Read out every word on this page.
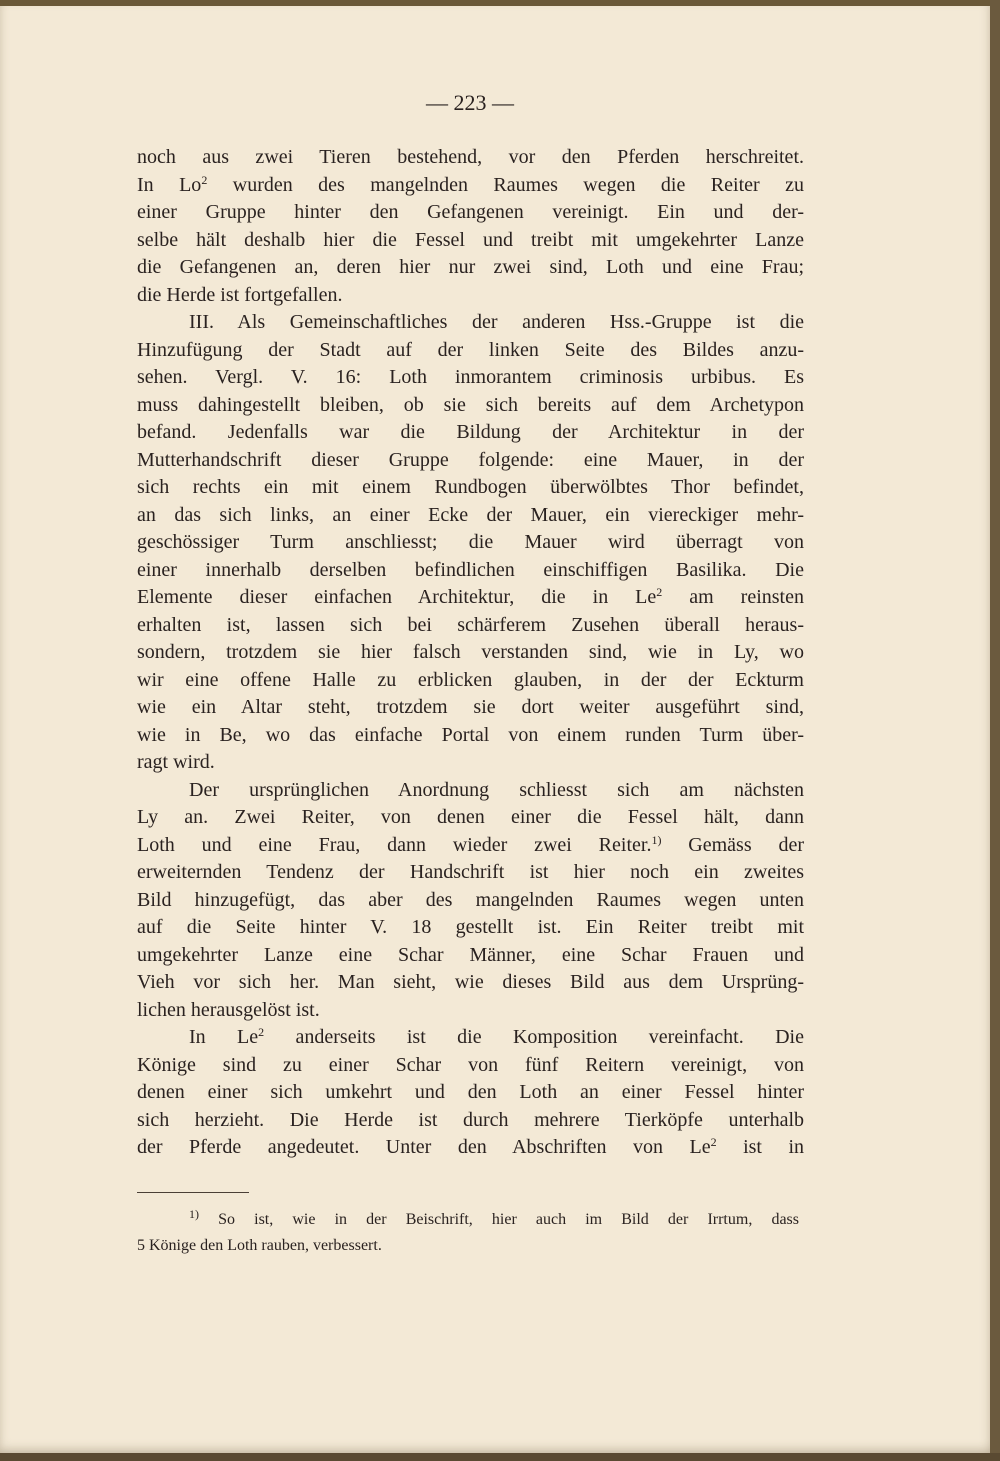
— 223 —
noch aus zwei Tieren bestehend, vor den Pferden herschreitet.
In Lo$^2$ wurden des mangelnden Raumes wegen die Reiter zu
einer Gruppe hinter den Gefangenen vereinigt. Ein und der-
selbe hält deshalb hier die Fessel und treibt mit umgekehrter Lanze
die Gefangenen an, deren hier nur zwei sind, Loth und eine Frau;
die Herde ist fortgefallen.
III. Als Gemeinschaftliches der anderen Hss.-Gruppe ist die
Hinzufügung der Stadt auf der linken Seite des Bildes anzu-
sehen. Vergl. V. 16: Loth inmorantem criminosis urbibus. Es
muss dahingestellt bleiben, ob sie sich bereits auf dem Archetypon
befand. Jedenfalls war die Bildung der Architektur in der
Mutterhandschrift dieser Gruppe folgende: eine Mauer, in der
sich rechts ein mit einem Rundbogen überwölbtes Thor befindet,
an das sich links, an einer Ecke der Mauer, ein viereckiger mehr-
geschössiger Turm anschliesst; die Mauer wird überragt von
einer innerhalb derselben befindlichen einschiffigen Basilika. Die
Elemente dieser einfachen Architektur, die in Le$^2$ am reinsten
erhalten ist, lassen sich bei schärferem Zusehen überall heraus-
sondern, trotzdem sie hier falsch verstanden sind, wie in Ly, wo
wir eine offene Halle zu erblicken glauben, in der der Eckturm
wie ein Altar steht, trotzdem sie dort weiter ausgeführt sind,
wie in Be, wo das einfache Portal von einem runden Turm über-
ragt wird.
Der ursprünglichen Anordnung schliesst sich am nächsten
Ly an. Zwei Reiter, von denen einer die Fessel hält, dann
Loth und eine Frau, dann wieder zwei Reiter.$^{1)}$ Gemäss der
erweiternden Tendenz der Handschrift ist hier noch ein zweites
Bild hinzugefügt, das aber des mangelnden Raumes wegen unten
auf die Seite hinter V. 18 gestellt ist. Ein Reiter treibt mit
umgekehrter Lanze eine Schar Männer, eine Schar Frauen und
Vieh vor sich her. Man sieht, wie dieses Bild aus dem Ursprüng-
lichen herausgelöst ist.
In Le$^2$ anderseits ist die Komposition vereinfacht. Die
Könige sind zu einer Schar von fünf Reitern vereinigt, von
denen einer sich umkehrt und den Loth an einer Fessel hinter
sich herzieht. Die Herde ist durch mehrere Tierköpfe unterhalb
der Pferde angedeutet. Unter den Abschriften von Le$^2$ ist in
$^{1)}$ So ist, wie in der Beischrift, hier auch im Bild der Irrtum, dass
5 Könige den Loth rauben, verbessert.
